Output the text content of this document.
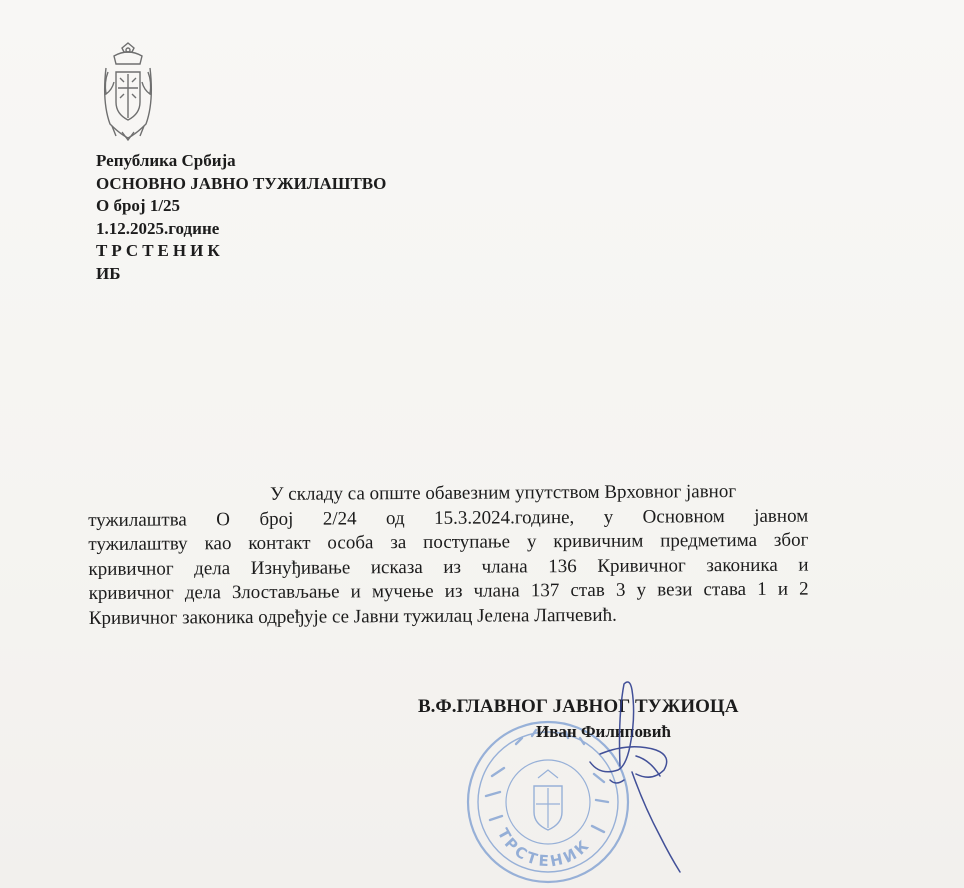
Република Србија
ОСНОВНО ЈАВНО ТУЖИЛАШТВО
О број 1/25
1.12.2025.године
ТРСТЕНИК
ИБ
У складу са опште обавезним упутством Врховног јавног
тужилаштва О број 2/24 од 15.3.2024.године, у Основном јавном
тужилаштву као контакт особа за поступање у кривичним предметима због
кривичног дела Изнуђивање исказа из члана 136 Кривичног законика и
кривичног дела Злостављање и мучење из члана 137 став 3 у вези става 1 и 2
Кривичног законика одређује се Јавни тужилац Јелена Лапчевић.
ТРСТЕНИК
В.Ф.ГЛАВНОГ ЈАВНОГ ТУЖИОЦА
Иван Филиповић
